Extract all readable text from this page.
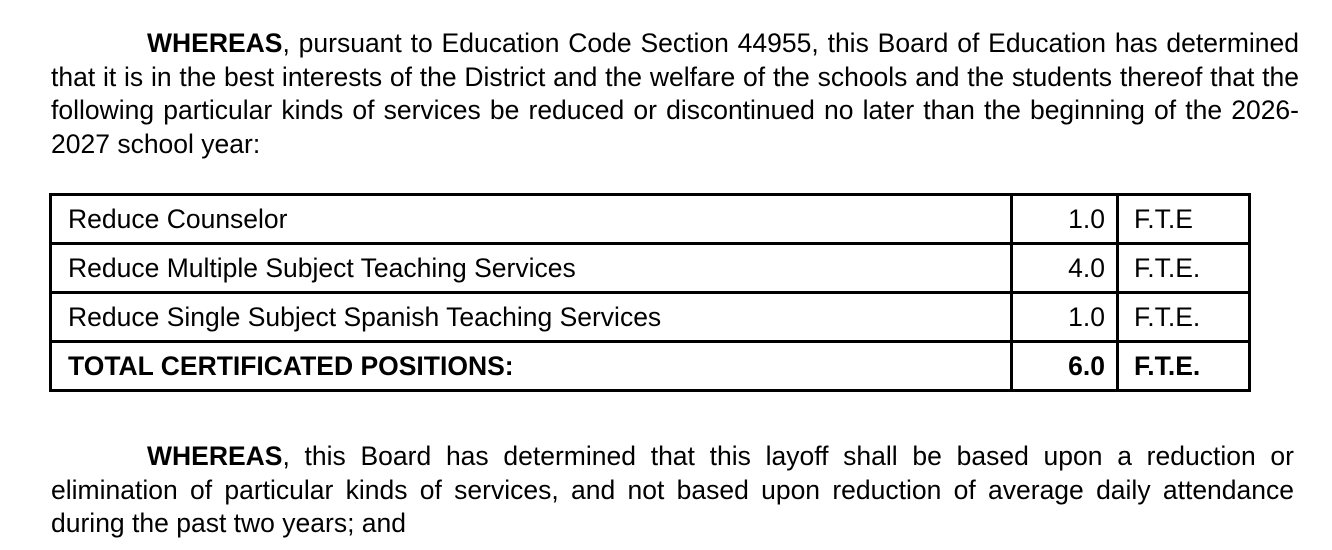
WHEREAS, pursuant to Education Code Section 44955, this Board of Education has determined that it is in the best interests of the District and the welfare of the schools and the students thereof that the following particular kinds of services be reduced or discontinued no later than the beginning of the 2026-2027 school year:
Reduce Counselor	1.0	F.T.E
Reduce Multiple Subject Teaching Services	4.0	F.T.E.
Reduce Single Subject Spanish Teaching Services	1.0	F.T.E.
TOTAL CERTIFICATED POSITIONS:	6.0	F.T.E.
WHEREAS, this Board has determined that this layoff shall be based upon a reduction or elimination of particular kinds of services, and not based upon reduction of average daily attendance during the past two years; and
